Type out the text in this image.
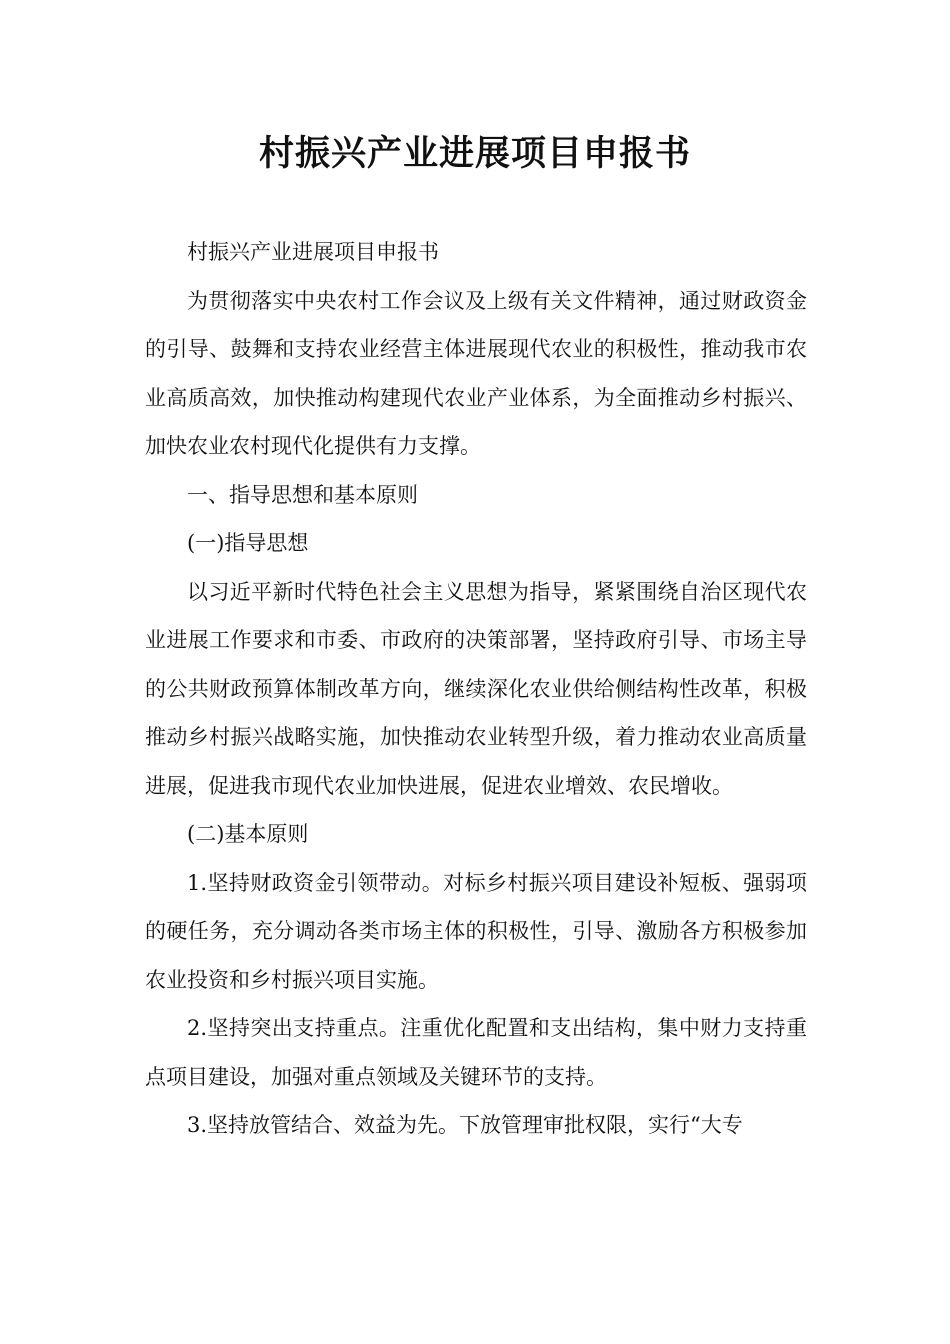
村振兴产业进展项目申报书

村振兴产业进展项目申报书

为贯彻落实中央农村工作会议及上级有关文件精神，通过财政资金的引导、鼓舞和支持农业经营主体进展现代农业的积极性，推动我市农业高质高效，加快推动构建现代农业产业体系，为全面推动乡村振兴、加快农业农村现代化提供有力支撑。

一、指导思想和基本原则

(一)指导思想

以习近平新时代特色社会主义思想为指导，紧紧围绕自治区现代农业进展工作要求和市委、市政府的决策部署，坚持政府引导、市场主导的公共财政预算体制改革方向，继续深化农业供给侧结构性改革，积极推动乡村振兴战略实施，加快推动农业转型升级，着力推动农业高质量进展，促进我市现代农业加快进展，促进农业增效、农民增收。

(二)基本原则

1.坚持财政资金引领带动。对标乡村振兴项目建设补短板、强弱项的硬任务，充分调动各类市场主体的积极性，引导、激励各方积极参加农业投资和乡村振兴项目实施。

2.坚持突出支持重点。注重优化配置和支出结构，集中财力支持重点项目建设，加强对重点领域及关键环节的支持。

3.坚持放管结合、效益为先。下放管理审批权限，实行“大专
